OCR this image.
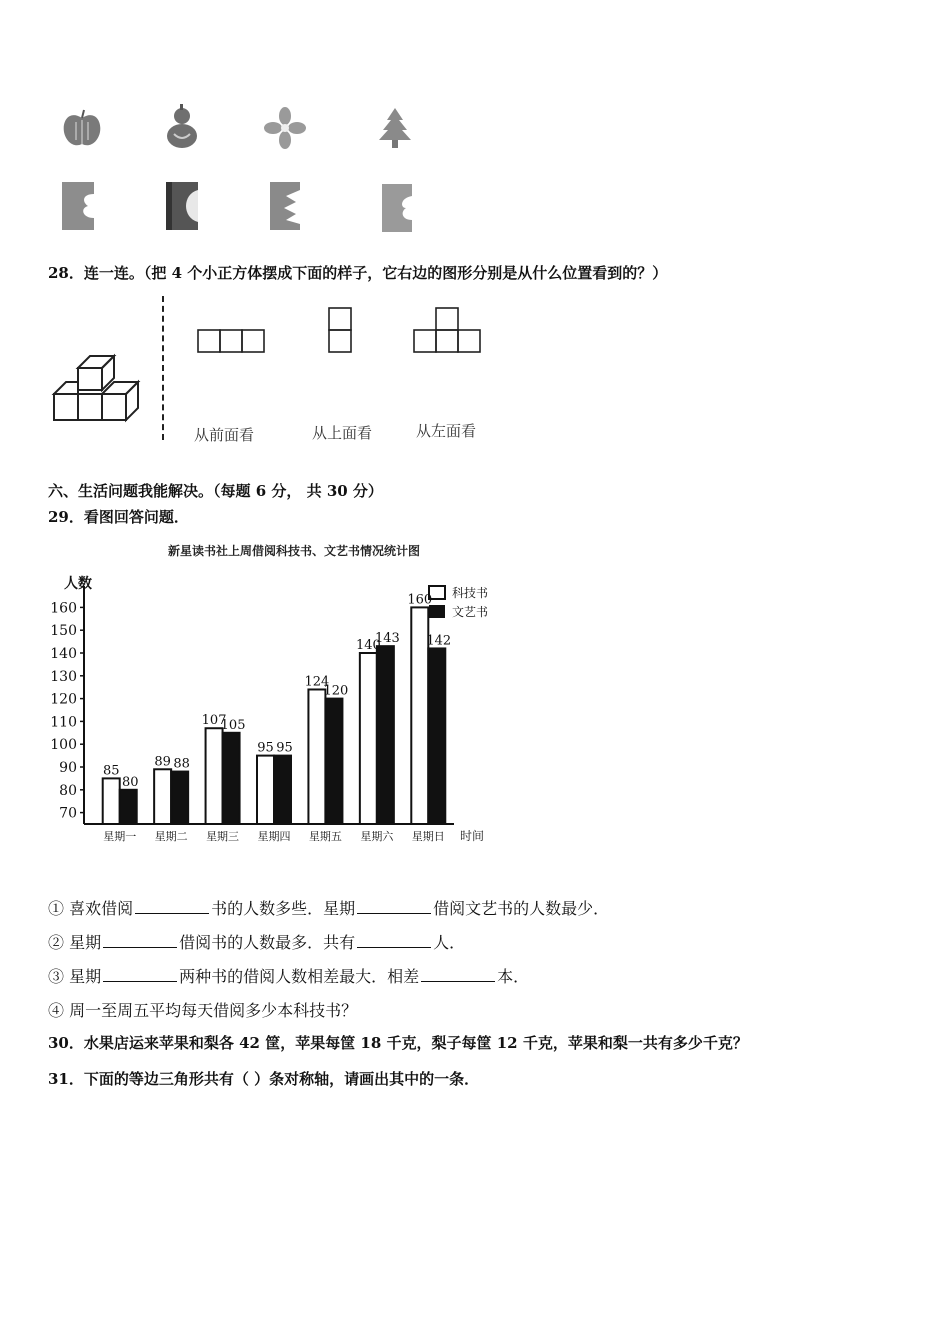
28．连一连。（把 4 个小正方体摆成下面的样子，它右边的图形分别是从什么位置看到的？）
从前面看	从上面看	从左面看
六、生活问题我能解决。（每题 6 分， 共 30 分）
29．看图回答问题．
新星读书社上周借阅科技书、文艺书情况统计图
人数
时间
科技书
文艺书
70
80
90
100
110
120
130
140
150
160
85
80
星期一
89 88
星期二
107
105
星期三
95 95
星期四
124
120
星期五
140
143
星期六
160
142
星期日
① 喜欢借阅	书的人数多些．星期	借阅文艺书的人数最少．
② 星期	借阅书的人数最多．共有	人．
③ 星期	两种书的借阅人数相差最大．相差	本．
④ 周一至周五平均每天借阅多少本科技书？
30．水果店运来苹果和梨各 42 筐，苹果每筐 18 千克，梨子每筐 12 千克，苹果和梨一共有多少千克？
31．下面的等边三角形共有（ ）条对称轴，请画出其中的一条．
